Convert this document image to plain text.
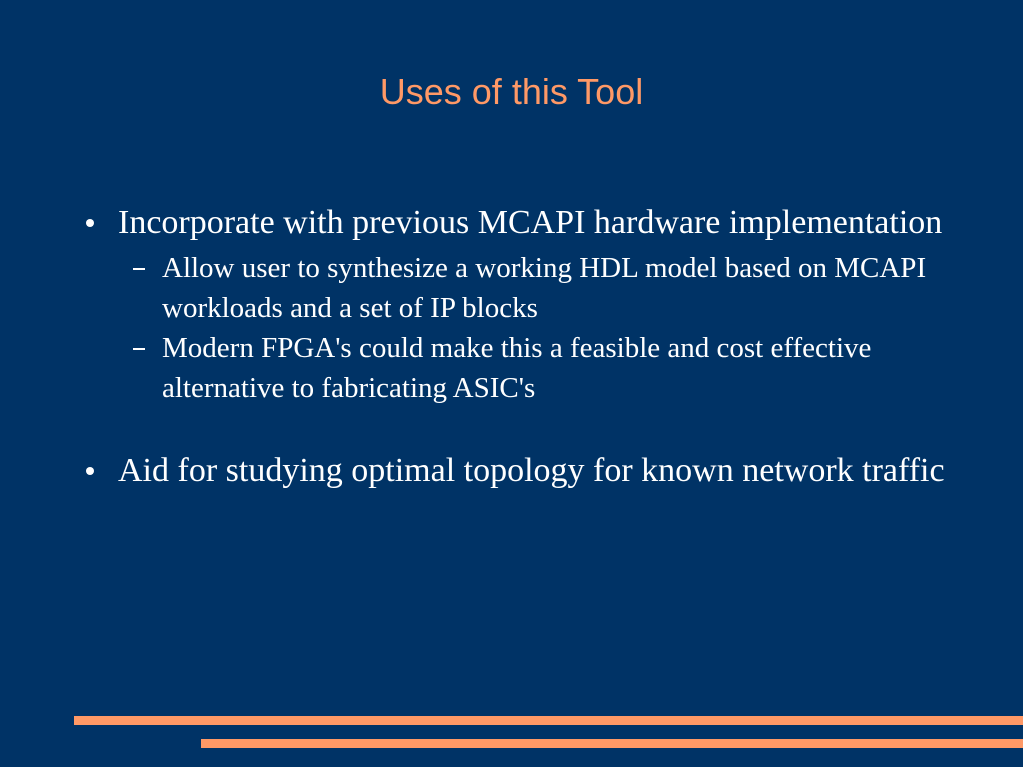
Uses of this Tool
Incorporate with previous MCAPI hardware implementation
Allow user to synthesize a working HDL model based on MCAPI workloads and a set of IP blocks
Modern FPGA's could make this a feasible and cost effective alternative to fabricating ASIC's
Aid for studying optimal topology for known network traffic
